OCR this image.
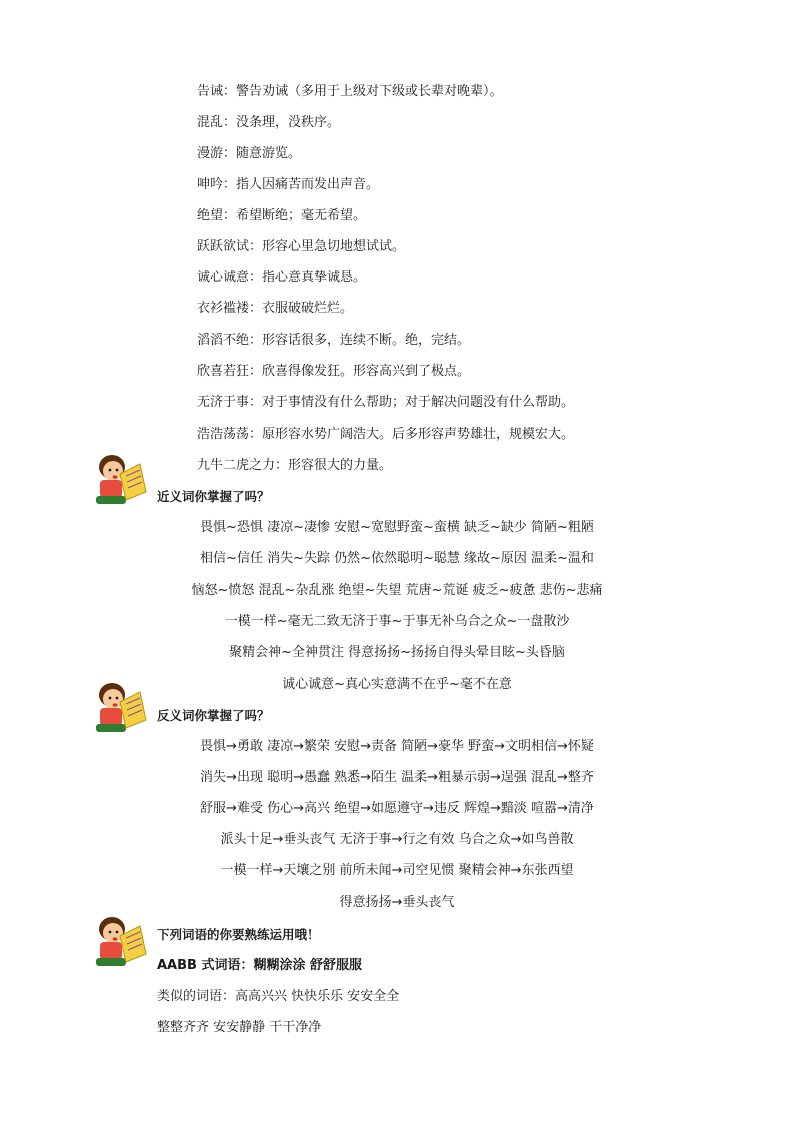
告诫：警告劝诫（多用于上级对下级或长辈对晚辈）。
混乱：没条理，没秩序。
漫游：随意游览。
呻吟：指人因痛苦而发出声音。
绝望：希望断绝；毫无希望。
跃跃欲试：形容心里急切地想试试。
诚心诚意：指心意真挚诚恳。
衣衫褴褛：衣服破破烂烂。
滔滔不绝：形容话很多，连续不断。绝，完结。
欣喜若狂：欣喜得像发狂。形容高兴到了极点。
无济于事：对于事情没有什么帮助；对于解决问题没有什么帮助。
浩浩荡荡：原形容水势广阔浩大。后多形容声势雄壮，规模宏大。
九牛二虎之力：形容很大的力量。
近义词你掌握了吗？
畏惧~恐惧 凄凉~凄惨 安慰~宽慰野蛮~蛮横 缺乏~缺少 简陋~粗陋
相信~信任 消失~失踪 仍然~依然聪明~聪慧 缘故~原因 温柔~温和
恼怒~愤怒 混乱~杂乱涨 绝望~失望 荒唐~荒诞 疲乏~疲惫 悲伤~悲痛
一模一样~毫无二致无济于事~于事无补乌合之众~一盘散沙
聚精会神~全神贯注 得意扬扬~扬扬自得头晕目眩~头昏脑
诚心诚意~真心实意满不在乎~毫不在意
反义词你掌握了吗？
畏惧→勇敢 凄凉→繁荣 安慰→责备 简陋→豪华 野蛮→文明相信→怀疑
消失→出现 聪明→愚蠢 熟悉→陌生 温柔→粗暴示弱→逞强 混乱→整齐
舒服→难受 伤心→高兴 绝望→如愿遵守→违反 辉煌→黯淡 喧嚣→清净
派头十足→垂头丧气 无济于事→行之有效 乌合之众→如鸟兽散
一模一样→天壤之别 前所未闻→司空见惯 聚精会神→东张西望
得意扬扬→垂头丧气
下列词语的你要熟练运用哦！
AABB 式词语：糊糊涂涂 舒舒服服
类似的词语：高高兴兴 快快乐乐 安安全全
整整齐齐 安安静静 干干净净
